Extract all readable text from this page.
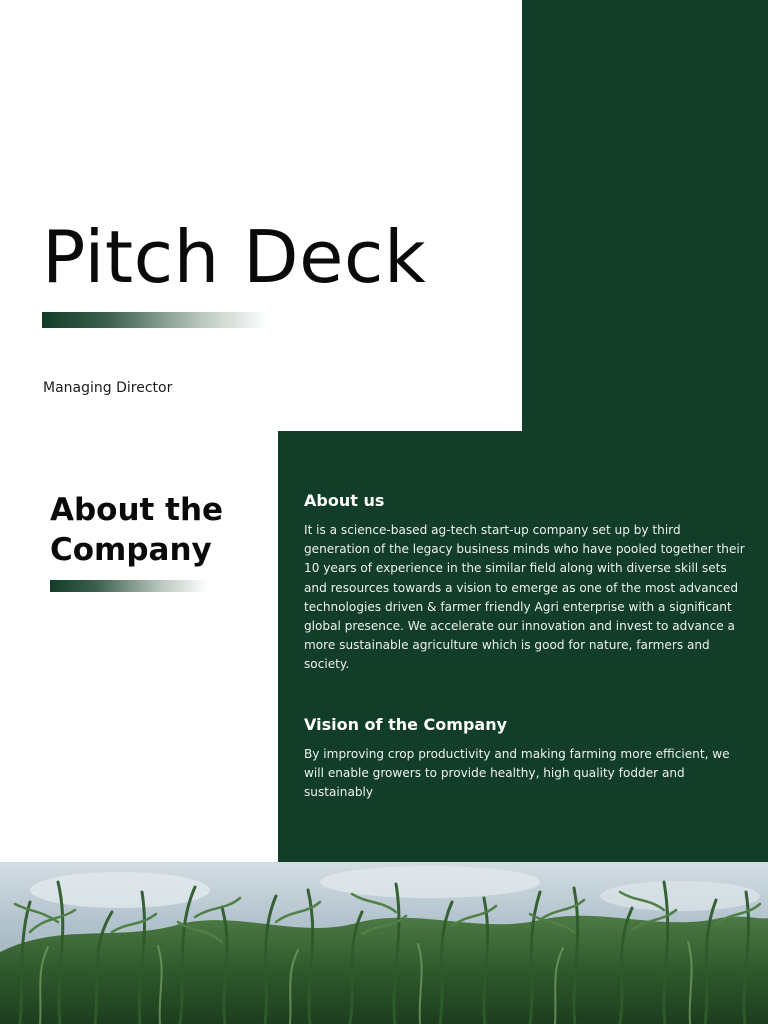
Pitch Deck
Managing Director
About the Company
About us

It is a science-based ag-tech start-up company set up by third generation of the legacy business minds who have pooled together their 10 years of experience in the similar field along with diverse skill sets and resources towards a vision to emerge as one of the most advanced technologies driven & farmer friendly Agri enterprise with a significant global presence. We accelerate our innovation and invest to advance a more sustainable agriculture which is good for nature, farmers and society.

Vision of the Company

By improving crop productivity and making farming more efficient, we will enable growers to provide healthy, high quality fodder and sustainably
